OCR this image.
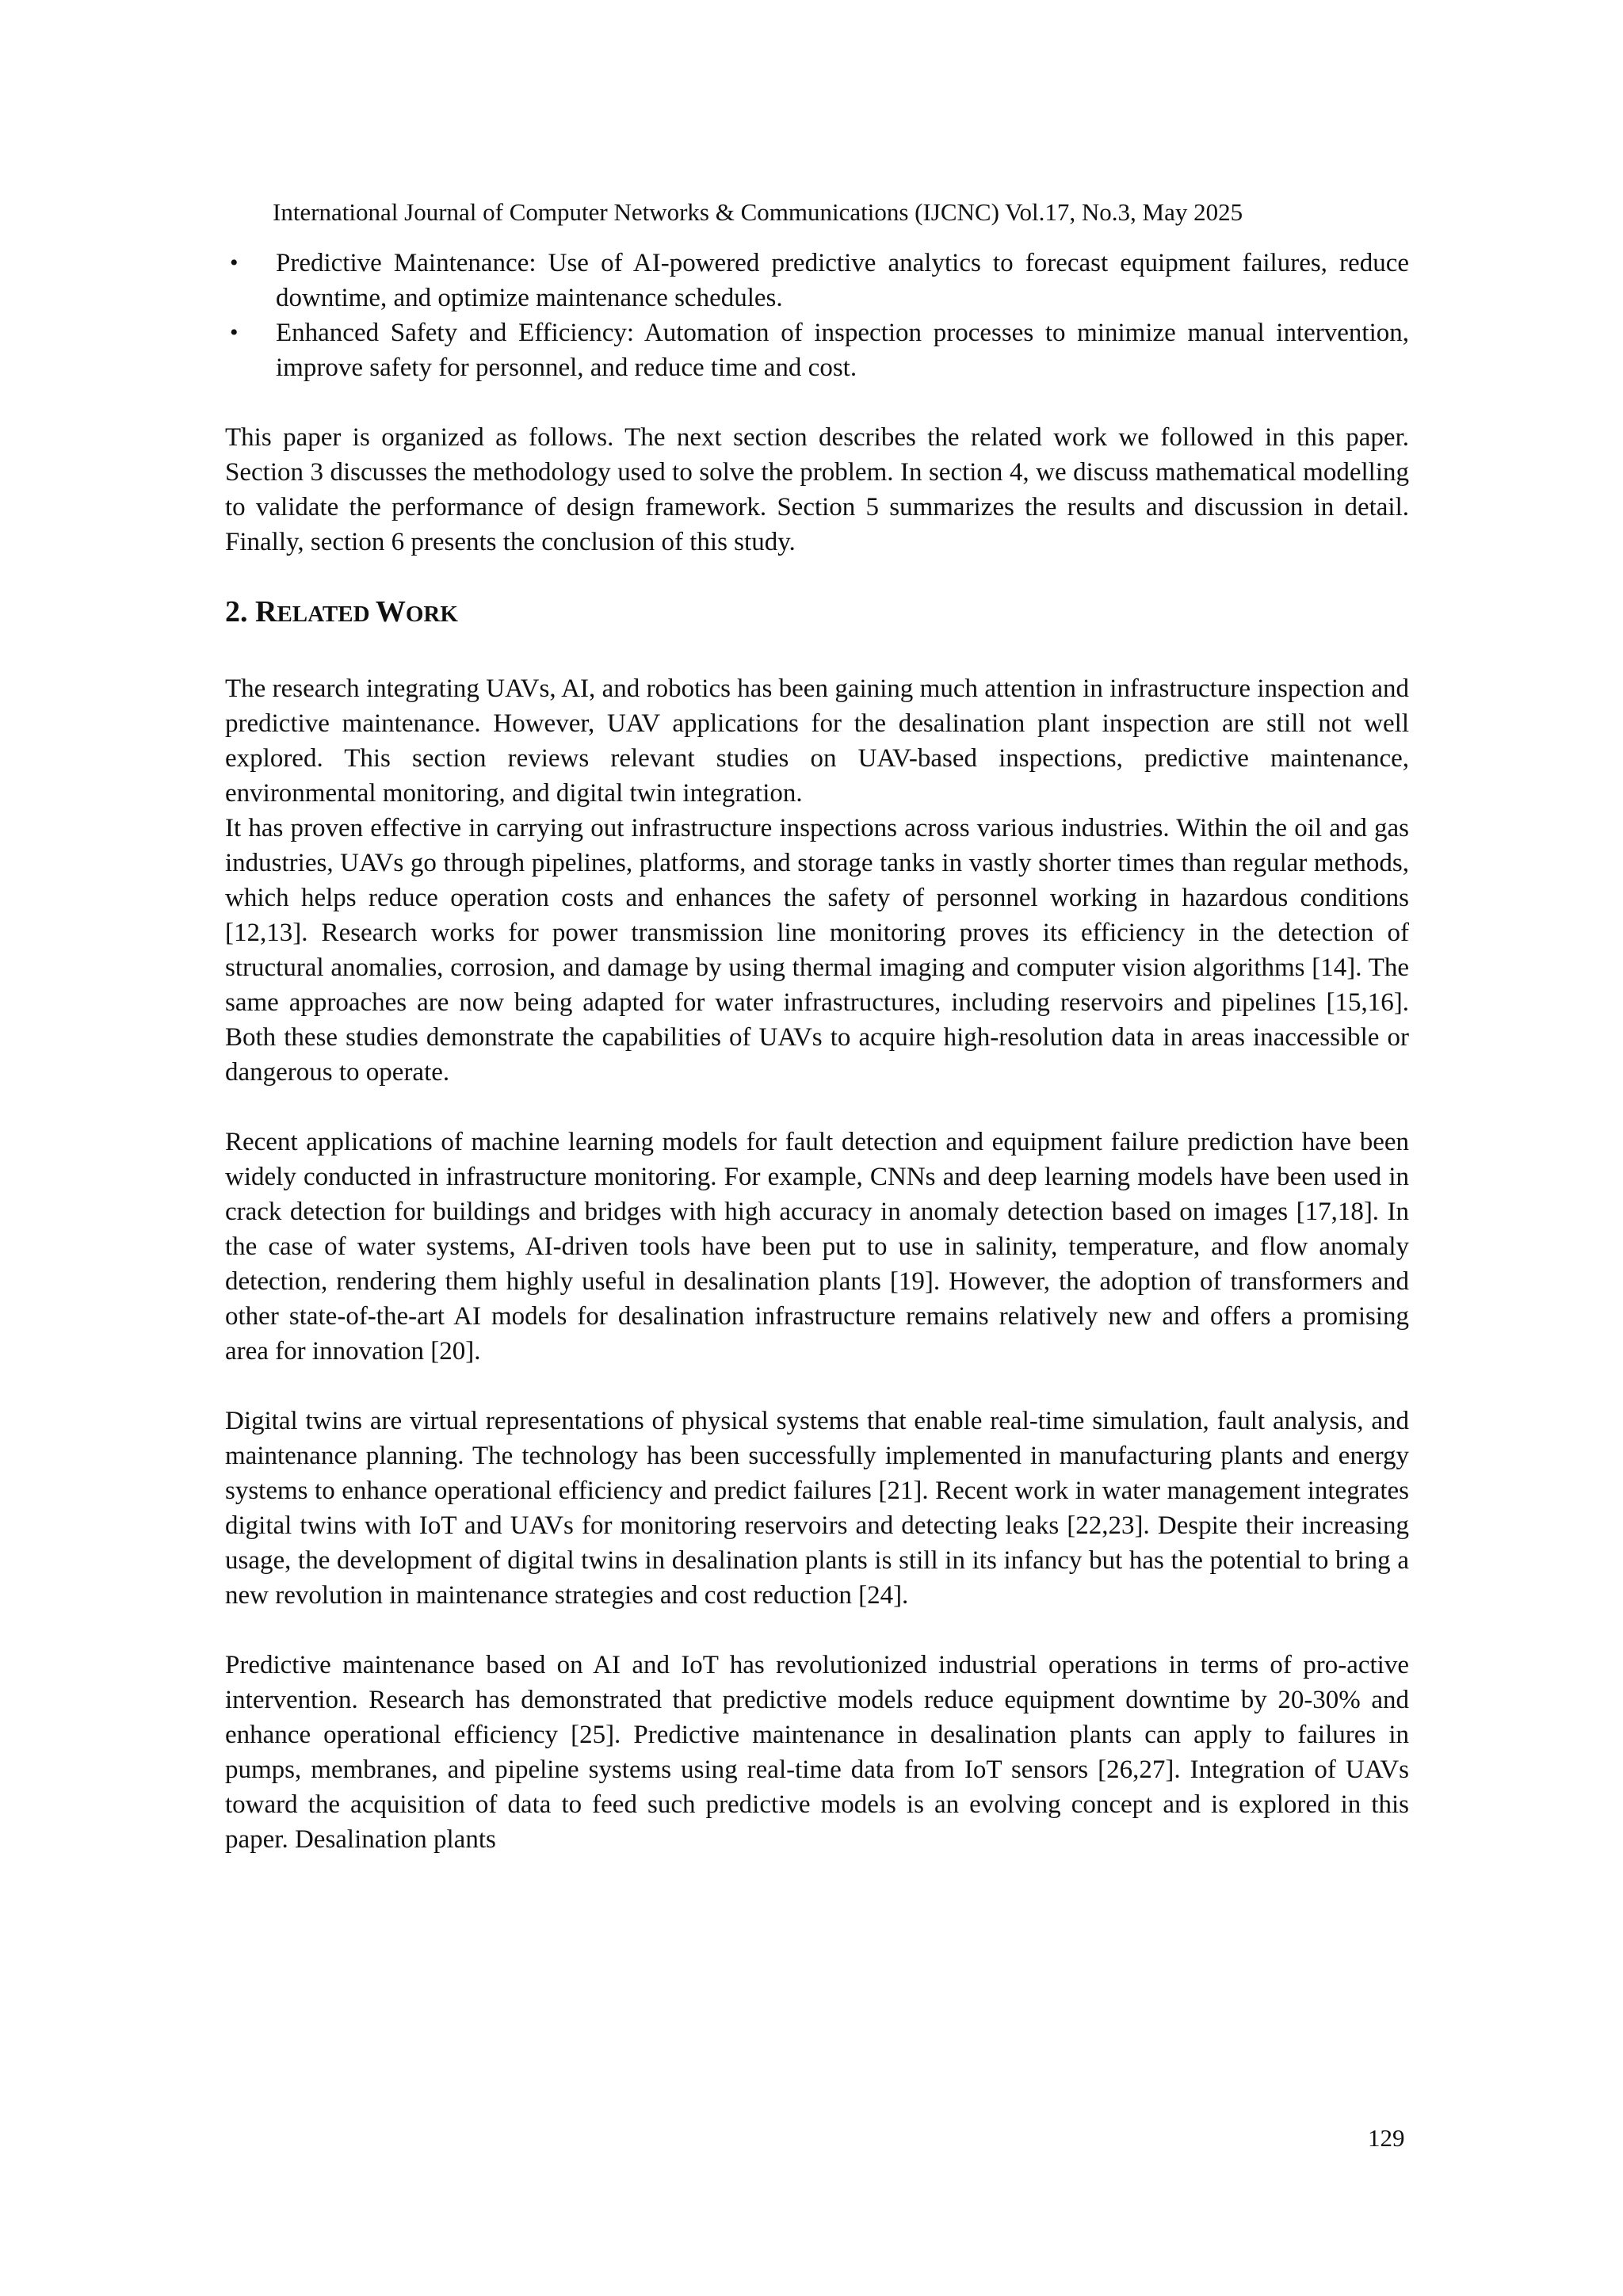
International Journal of Computer Networks & Communications (IJCNC) Vol.17, No.3, May 2025
• Predictive Maintenance: Use of AI-powered predictive analytics to forecast equipment failures, reduce downtime, and optimize maintenance schedules.
• Enhanced Safety and Efficiency: Automation of inspection processes to minimize manual intervention, improve safety for personnel, and reduce time and cost.

This paper is organized as follows. The next section describes the related work we followed in this paper. Section 3 discusses the methodology used to solve the problem. In section 4, we discuss mathematical modelling to validate the performance of design framework. Section 5 summarizes the results and discussion in detail. Finally, section 6 presents the conclusion of this study.

2. RELATED WORK

The research integrating UAVs, AI, and robotics has been gaining much attention in infrastructure inspection and predictive maintenance. However, UAV applications for the desalination plant inspection are still not well explored. This section reviews relevant studies on UAV-based inspections, predictive maintenance, environmental monitoring, and digital twin integration.

It has proven effective in carrying out infrastructure inspections across various industries. Within the oil and gas industries, UAVs go through pipelines, platforms, and storage tanks in vastly shorter times than regular methods, which helps reduce operation costs and enhances the safety of personnel working in hazardous conditions [12,13]. Research works for power transmission line monitoring proves its efficiency in the detection of structural anomalies, corrosion, and damage by using thermal imaging and computer vision algorithms [14]. The same approaches are now being adapted for water infrastructures, including reservoirs and pipelines [15,16]. Both these studies demonstrate the capabilities of UAVs to acquire high-resolution data in areas inaccessible or dangerous to operate.

Recent applications of machine learning models for fault detection and equipment failure prediction have been widely conducted in infrastructure monitoring. For example, CNNs and deep learning models have been used in crack detection for buildings and bridges with high accuracy in anomaly detection based on images [17,18]. In the case of water systems, AI-driven tools have been put to use in salinity, temperature, and flow anomaly detection, rendering them highly useful in desalination plants [19]. However, the adoption of transformers and other state-of-the-art AI models for desalination infrastructure remains relatively new and offers a promising area for innovation [20].

Digital twins are virtual representations of physical systems that enable real-time simulation, fault analysis, and maintenance planning. The technology has been successfully implemented in manufacturing plants and energy systems to enhance operational efficiency and predict failures [21]. Recent work in water management integrates digital twins with IoT and UAVs for monitoring reservoirs and detecting leaks [22,23]. Despite their increasing usage, the development of digital twins in desalination plants is still in its infancy but has the potential to bring a new revolution in maintenance strategies and cost reduction [24].

Predictive maintenance based on AI and IoT has revolutionized industrial operations in terms of pro-active intervention. Research has demonstrated that predictive models reduce equipment downtime by 20-30% and enhance operational efficiency [25]. Predictive maintenance in desalination plants can apply to failures in pumps, membranes, and pipeline systems using real-time data from IoT sensors [26,27]. Integration of UAVs toward the acquisition of data to feed such predictive models is an evolving concept and is explored in this paper. Desalination plants

129
